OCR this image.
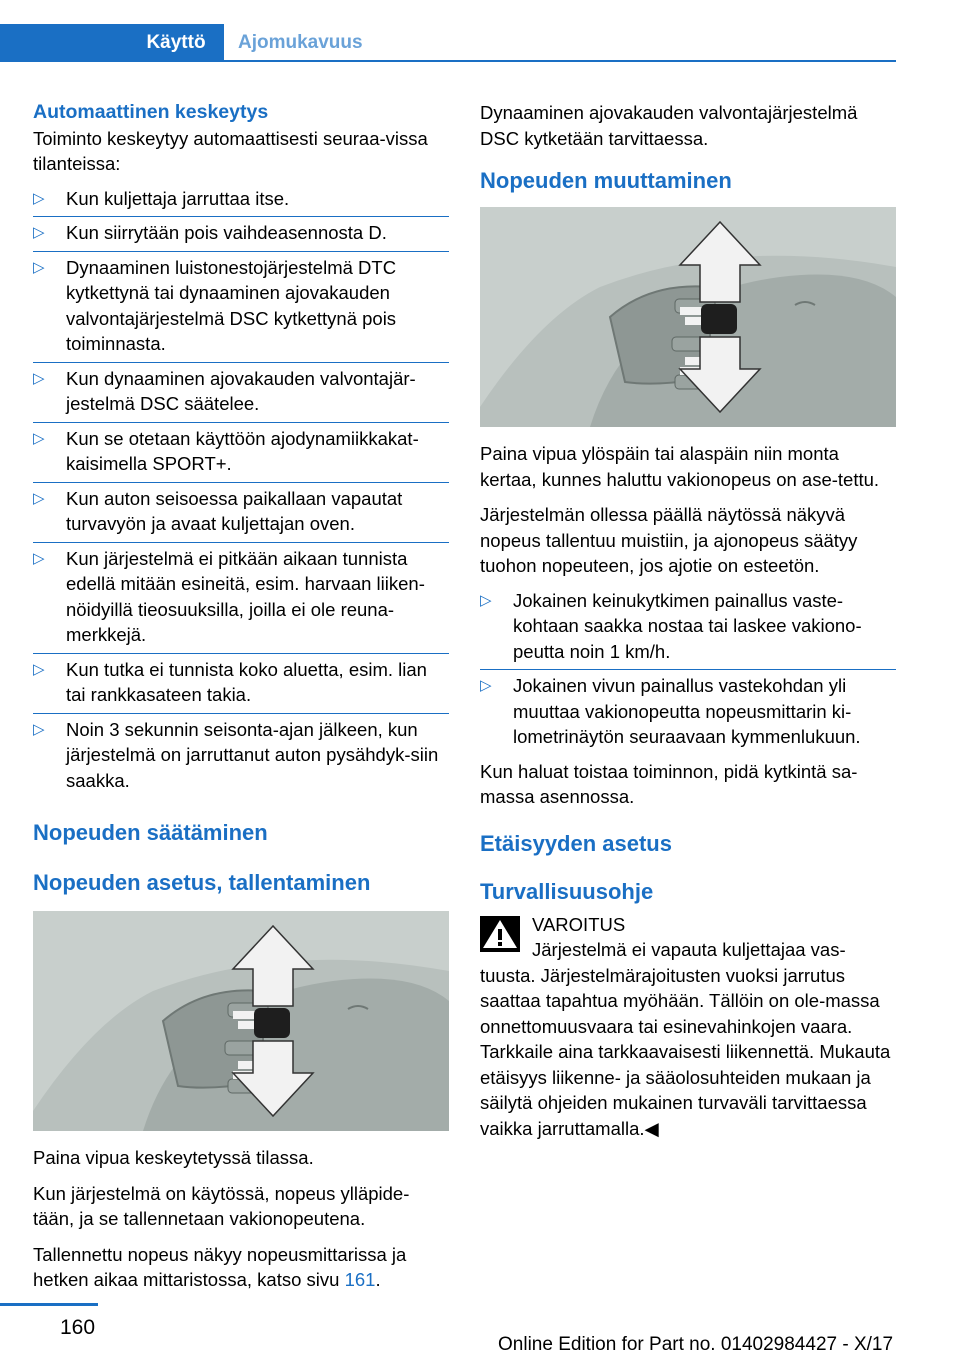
Käyttö	Ajomukavuus
Automaattinen keskeytys

Toiminto keskeytyy automaattisesti seuraa‐vissa tilanteissa:

▷ Kun kuljettaja jarruttaa itse.
▷ Kun siirrytään pois vaihdeasennosta D.
▷ Dynaaminen luistonestojärjestelmä DTC kytkettynä tai dynaaminen ajovakauden valvontajärjestelmä DSC kytkettynä pois toiminnasta.
▷ Kun dynaaminen ajovakauden valvontajär‐jestelmä DSC säätelee.
▷ Kun se otetaan käyttöön ajodynamiikkakat‐kaisimella SPORT+.
▷ Kun auton seisoessa paikallaan vapautat turvavyön ja avaat kuljettajan oven.
▷ Kun järjestelmä ei pitkään aikaan tunnista edellä mitään esineitä, esim. harvaan liiken‐nöidyillä tieosuuksilla, joilla ei ole reuna‐merkkejä.
▷ Kun tutka ei tunnista koko aluetta, esim. lian tai rankkasateen takia.
▷ Noin 3 sekunnin seisonta-ajan jälkeen, kun järjestelmä on jarruttanut auton pysähdyk‐siin saakka.
Nopeuden säätäminen
Nopeuden asetus, tallentaminen

Paina vipua keskeytetyssä tilassa.

Kun järjestelmä on käytössä, nopeus ylläpide‐tään, ja se tallennetaan vakionopeutena.

Tallennettu nopeus näkyy nopeusmittarissa ja hetken aikaa mittaristossa, katso sivu 161.

Dynaaminen ajovakauden valvontajärjestelmä DSC kytketään tarvittaessa.

Nopeuden muuttaminen

Paina vipua ylöspäin tai alaspäin niin monta kertaa, kunnes haluttu vakionopeus on ase‐tettu.

Järjestelmän ollessa päällä näytössä näkyvä nopeus tallentuu muistiin, ja ajonopeus säätyy tuohon nopeuteen, jos ajotie on esteetön.

▷ Jokainen keinukytkimen painallus vaste‐kohtaan saakka nostaa tai laskee vakiono‐peutta noin 1 km/h.
▷ Jokainen vivun painallus vastekohdan yli muuttaa vakionopeutta nopeusmittarin ki‐lometrinäytön seuraavaan kymmenlukuun.

Kun haluat toistaa toiminnon, pidä kytkintä sa‐massa asennossa.

Etäisyyden asetus
Turvallisuusohje
VAROITUS

Järjestelmä ei vapauta kuljettajaa vas‐tuusta. Järjestelmärajoitusten vuoksi jarrutus saattaa tapahtua myöhään. Tällöin on ole‐massa onnettomuusvaara tai esinevahinkojen vaara. Tarkkaile aina tarkkaavaisesti liikennettä. Mukauta etäisyys liikenne- ja sääolosuhteiden mukaan ja säilytä ohjeiden mukainen turvaväli tarvittaessa vaikka jarruttamalla.◀

160
Online Edition for Part no. 01402984427 - X/17
